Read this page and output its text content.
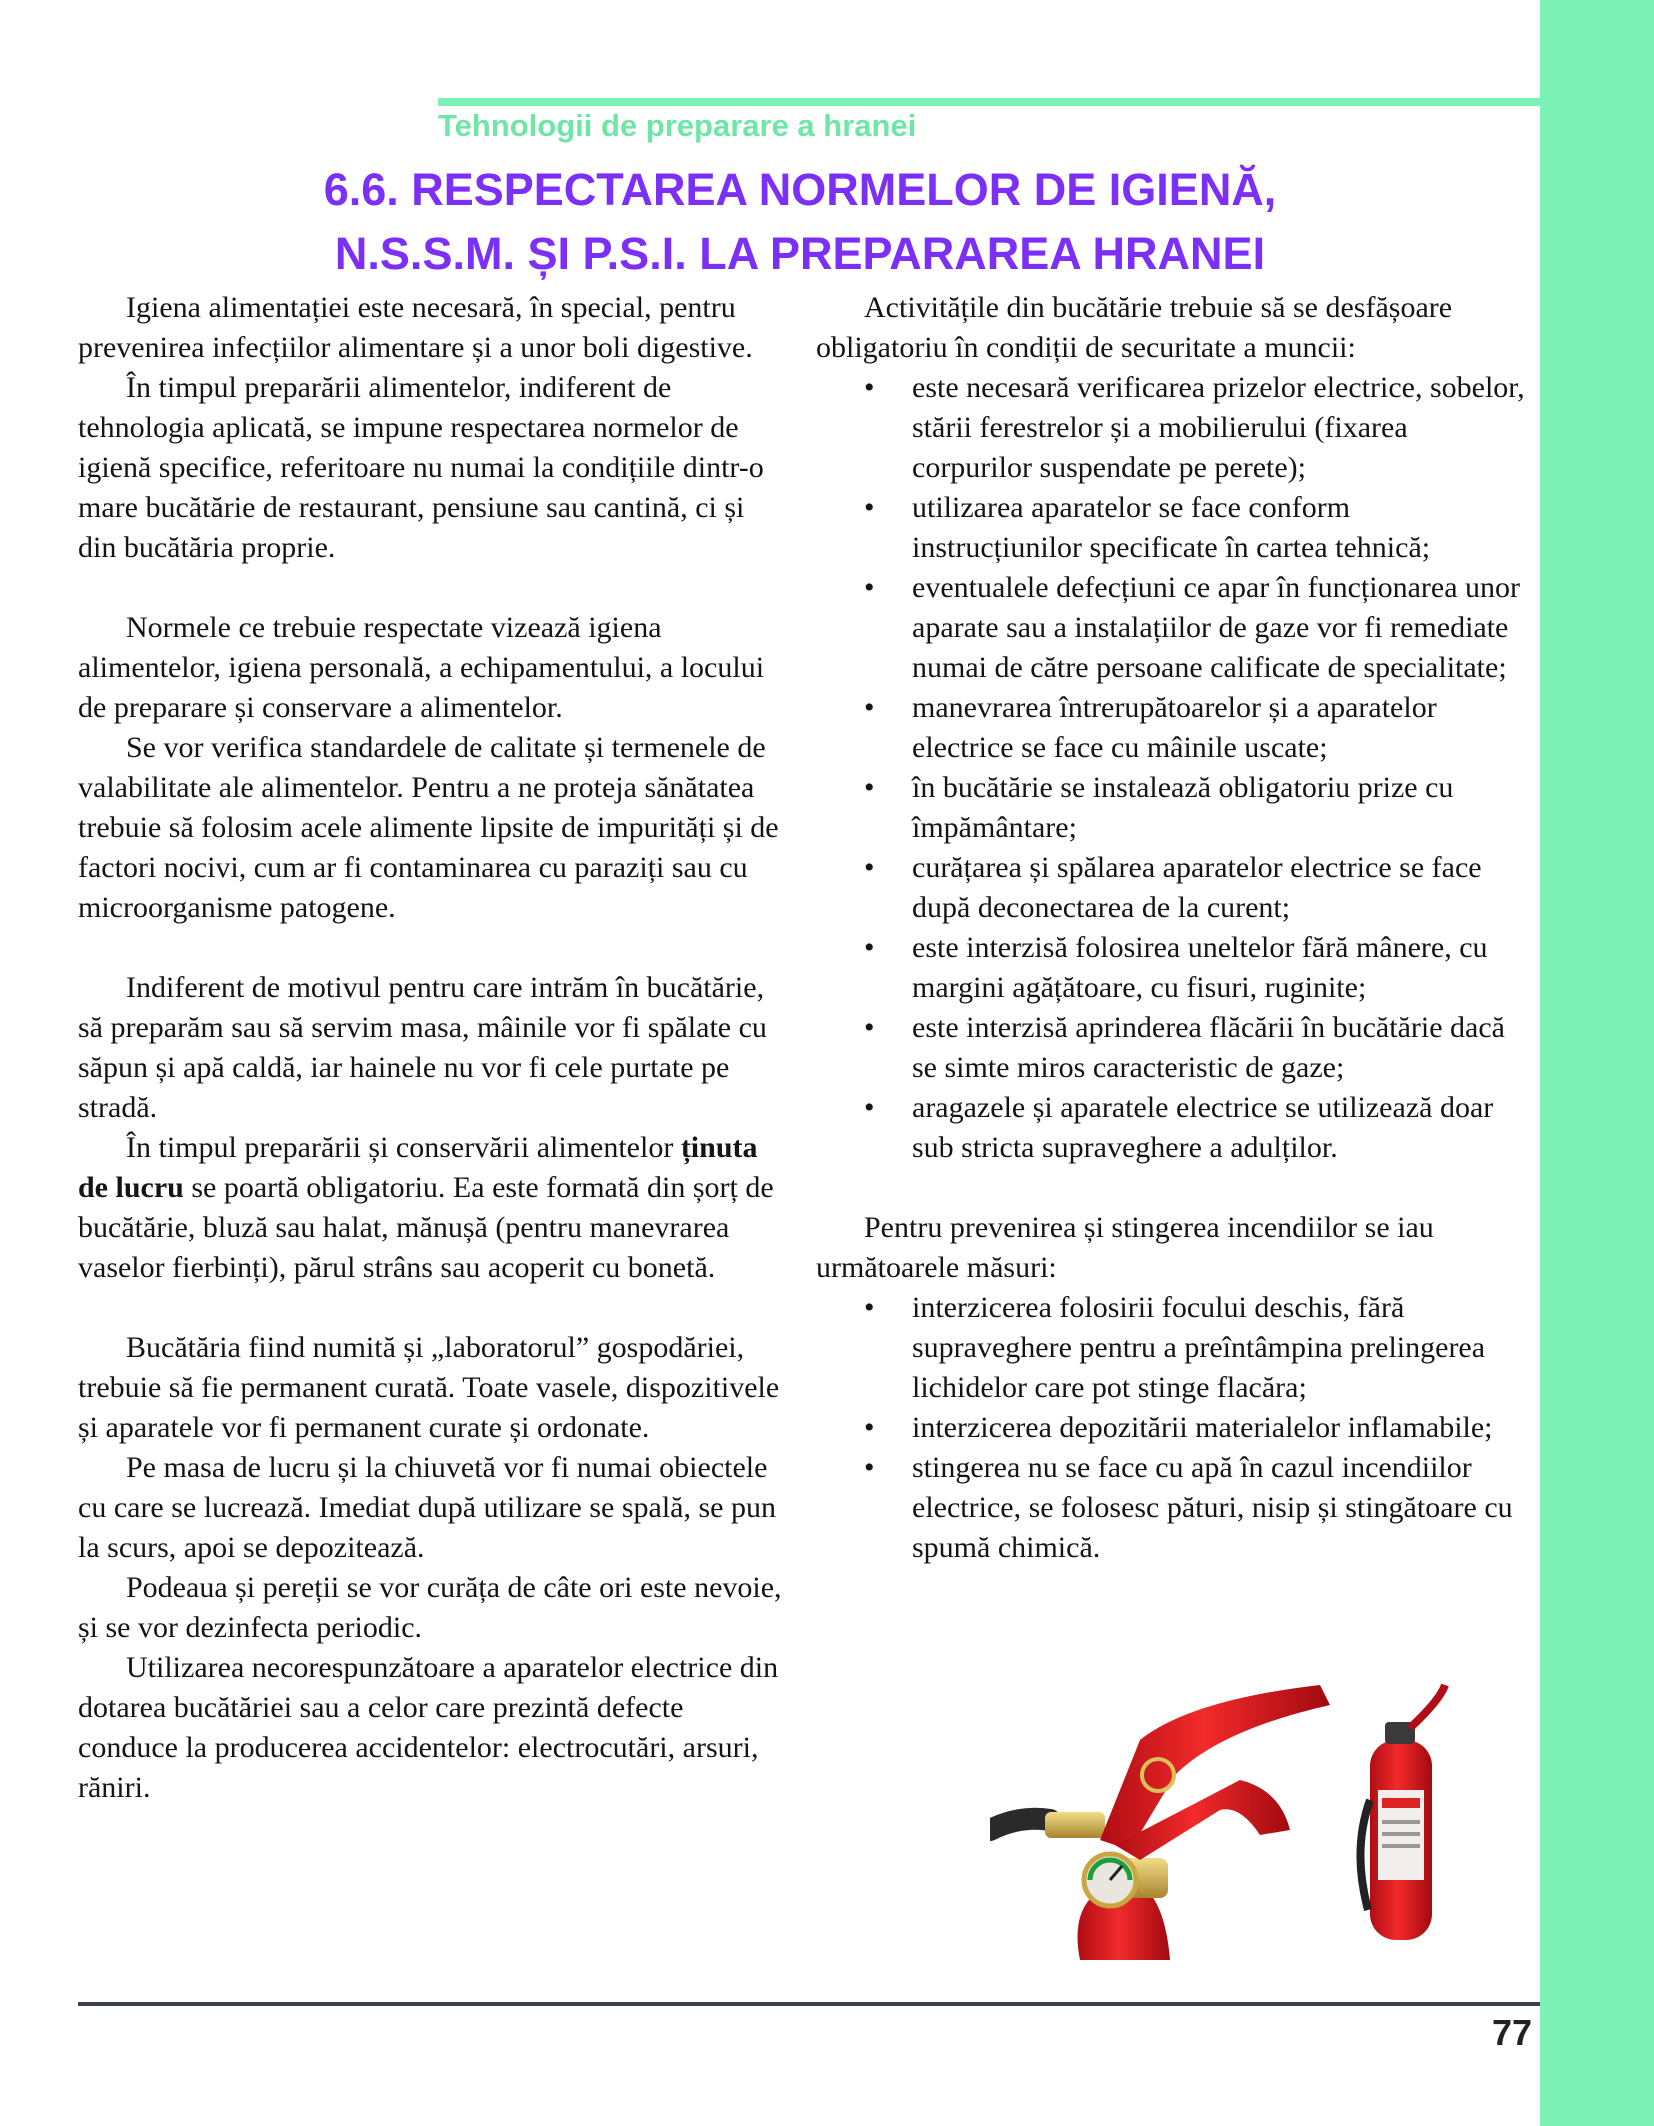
Tehnologii de preparare a hranei
6.6. RESPECTAREA NORMELOR DE IGIENĂ,
N.S.S.M. ȘI P.S.I. LA PREPARAREA HRANEI

Igiena alimentației este necesară, în special, pentru prevenirea infecțiilor alimentare și a unor boli digestive.

În timpul preparării alimentelor, indiferent de tehnologia aplicată, se impune respectarea normelor de igienă specifice, referitoare nu numai la condițiile dintr-o mare bucătărie de restaurant, pensiune sau cantină, ci și din bucătăria proprie.

Normele ce trebuie respectate vizează igiena alimentelor, igiena personală, a echipamentului, a locului de preparare și conservare a alimentelor.

Se vor verifica standardele de calitate și termenele de valabilitate ale alimentelor. Pentru a ne proteja sănătatea trebuie să folosim acele alimente lipsite de impurități și de factori nocivi, cum ar fi contaminarea cu paraziți sau cu microorganisme patogene.

Indiferent de motivul pentru care intrăm în bucătărie, să preparăm sau să servim masa, mâinile vor fi spălate cu săpun și apă caldă, iar hainele nu vor fi cele purtate pe stradă.

În timpul preparării și conservării alimentelor ținuta de lucru se poartă obligatoriu. Ea este formată din șorț de bucătărie, bluză sau halat, mănușă (pentru manevrarea vaselor fierbinți), părul strâns sau acoperit cu bonetă.

Bucătăria fiind numită și „laboratorul” gospodăriei, trebuie să fie permanent curată. Toate vasele, dispozitivele și aparatele vor fi permanent curate și ordonate.

Pe masa de lucru și la chiuvetă vor fi numai obiectele cu care se lucrează. Imediat după utilizare se spală, se pun la scurs, apoi se depozitează.

Podeaua și pereții se vor curăța de câte ori este nevoie, și se vor dezinfecta periodic.

Utilizarea necorespunzătoare a aparatelor electrice din dotarea bucătăriei sau a celor care prezintă defecte conduce la producerea accidentelor: electrocutări, arsuri, răniri.

Activitățile din bucătărie trebuie să se desfășoare obligatoriu în condiții de securitate a muncii:

• este necesară verificarea prizelor electrice, sobelor, stării ferestrelor și a mobilierului (fixarea corpurilor suspendate pe perete);
• utilizarea aparatelor se face conform instrucțiunilor specificate în cartea tehnică;
• eventualele defecțiuni ce apar în funcționarea unor aparate sau a instalațiilor de gaze vor fi remediate numai de către persoane calificate de specialitate;
• manevrarea întrerupătoarelor și a aparatelor electrice se face cu mâinile uscate;
• în bucătărie se instalează obligatoriu prize cu împământare;
• curățarea și spălarea aparatelor electrice se face după deconectarea de la curent;
• este interzisă folosirea uneltelor fără mânere, cu margini agățătoare, cu fisuri, ruginite;
• este interzisă aprinderea flăcării în bucătărie dacă se simte miros caracteristic de gaze;
• aragazele și aparatele electrice se utilizează doar sub stricta supraveghere a adulților.

Pentru prevenirea și stingerea incendiilor se iau următoarele măsuri:

• interzicerea folosirii focului deschis, fără supraveghere pentru a preîntâmpina prelingerea lichidelor care pot stinge flacăra;
• interzicerea depozitării materialelor inflamabile;
• stingerea nu se face cu apă în cazul incendiilor electrice, se folosesc pături, nisip și stingătoare cu spumă chimică.
77
